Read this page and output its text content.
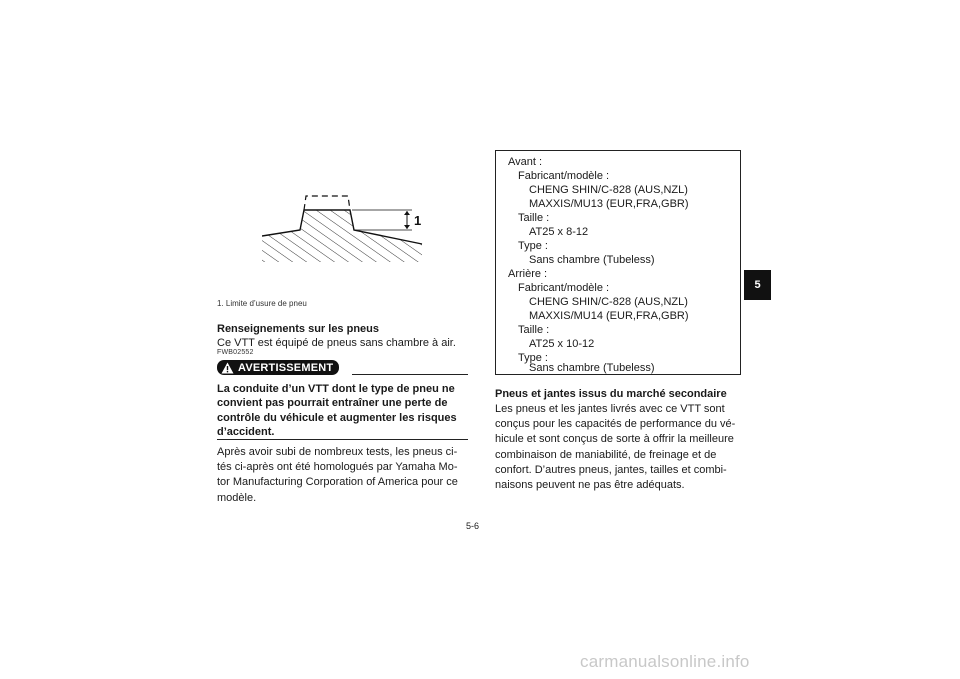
1
1. Limite d’usure de pneu
Renseignements sur les pneus
Ce VTT est équipé de pneus sans chambre à air.
FWB02552
AVERTISSEMENT
La conduite d’un VTT dont le type de pneu ne
convient pas pourrait entraîner une perte de
contrôle du véhicule et augmenter les risques
d’accident.
Après avoir subi de nombreux tests, les pneus ci-
tés ci-après ont été homologués par Yamaha Mo-
tor Manufacturing Corporation of America pour ce
modèle.
Avant :
Fabricant/modèle :
CHENG SHIN/C-828 (AUS,NZL)
MAXXIS/MU13 (EUR,FRA,GBR)
Taille :
AT25 x 8-12
Type :
Sans chambre (Tubeless)
Arrière :
Fabricant/modèle :
CHENG SHIN/C-828 (AUS,NZL)
MAXXIS/MU14 (EUR,FRA,GBR)
Taille :
AT25 x 10-12
Type :
Sans chambre (Tubeless)
Pneus et jantes issus du marché secondaire
Les pneus et les jantes livrés avec ce VTT sont
conçus pour les capacités de performance du vé-
hicule et sont conçus de sorte à offrir la meilleure
combinaison de maniabilité, de freinage et de
confort. D’autres pneus, jantes, tailles et combi-
naisons peuvent ne pas être adéquats.
5-6
5
carmanualsonline.info
